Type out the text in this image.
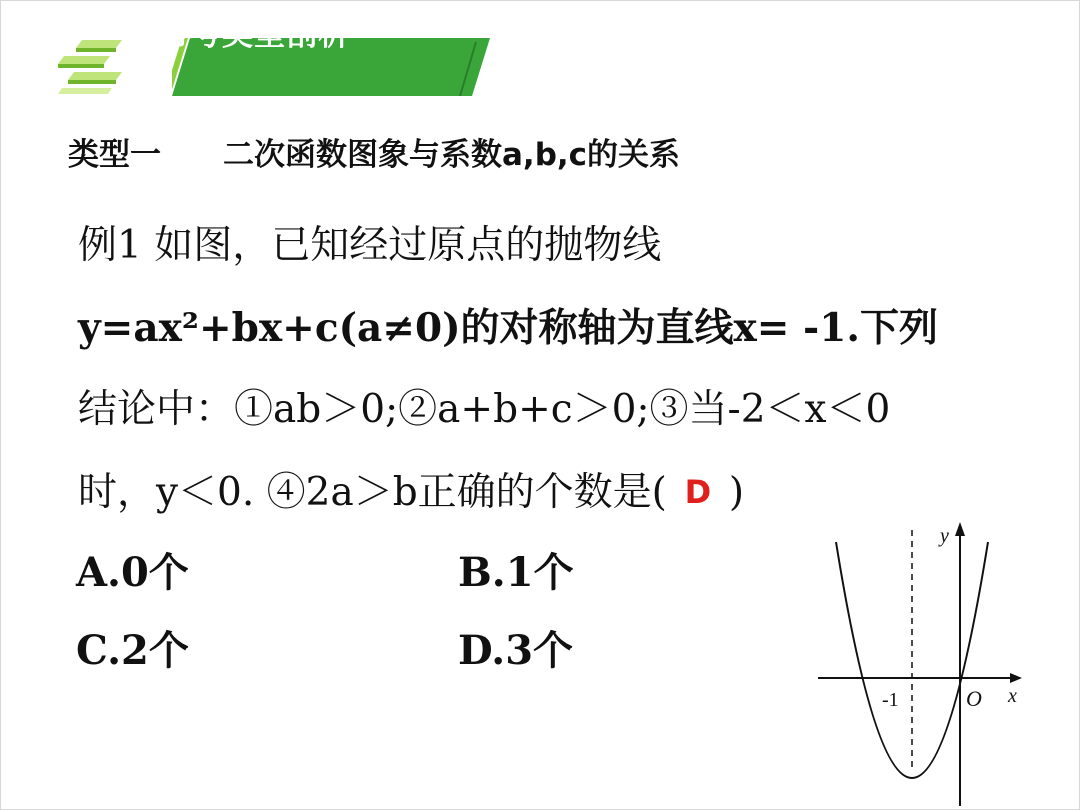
常考类型剖析
类型一 二次函数图象与系数a,b,c的关系
例1 如图，已知经过原点的抛物线
y=ax²+bx+c(a≠0)的对称轴为直线x= -1.下列
结论中：①ab＞0;②a+b+c＞0;③当-2＜x＜0
时，y＜0. ④2a＞b正确的个数是( D )
A.0个	B.1个
C.2个	D.3个
y
x
O
-1
